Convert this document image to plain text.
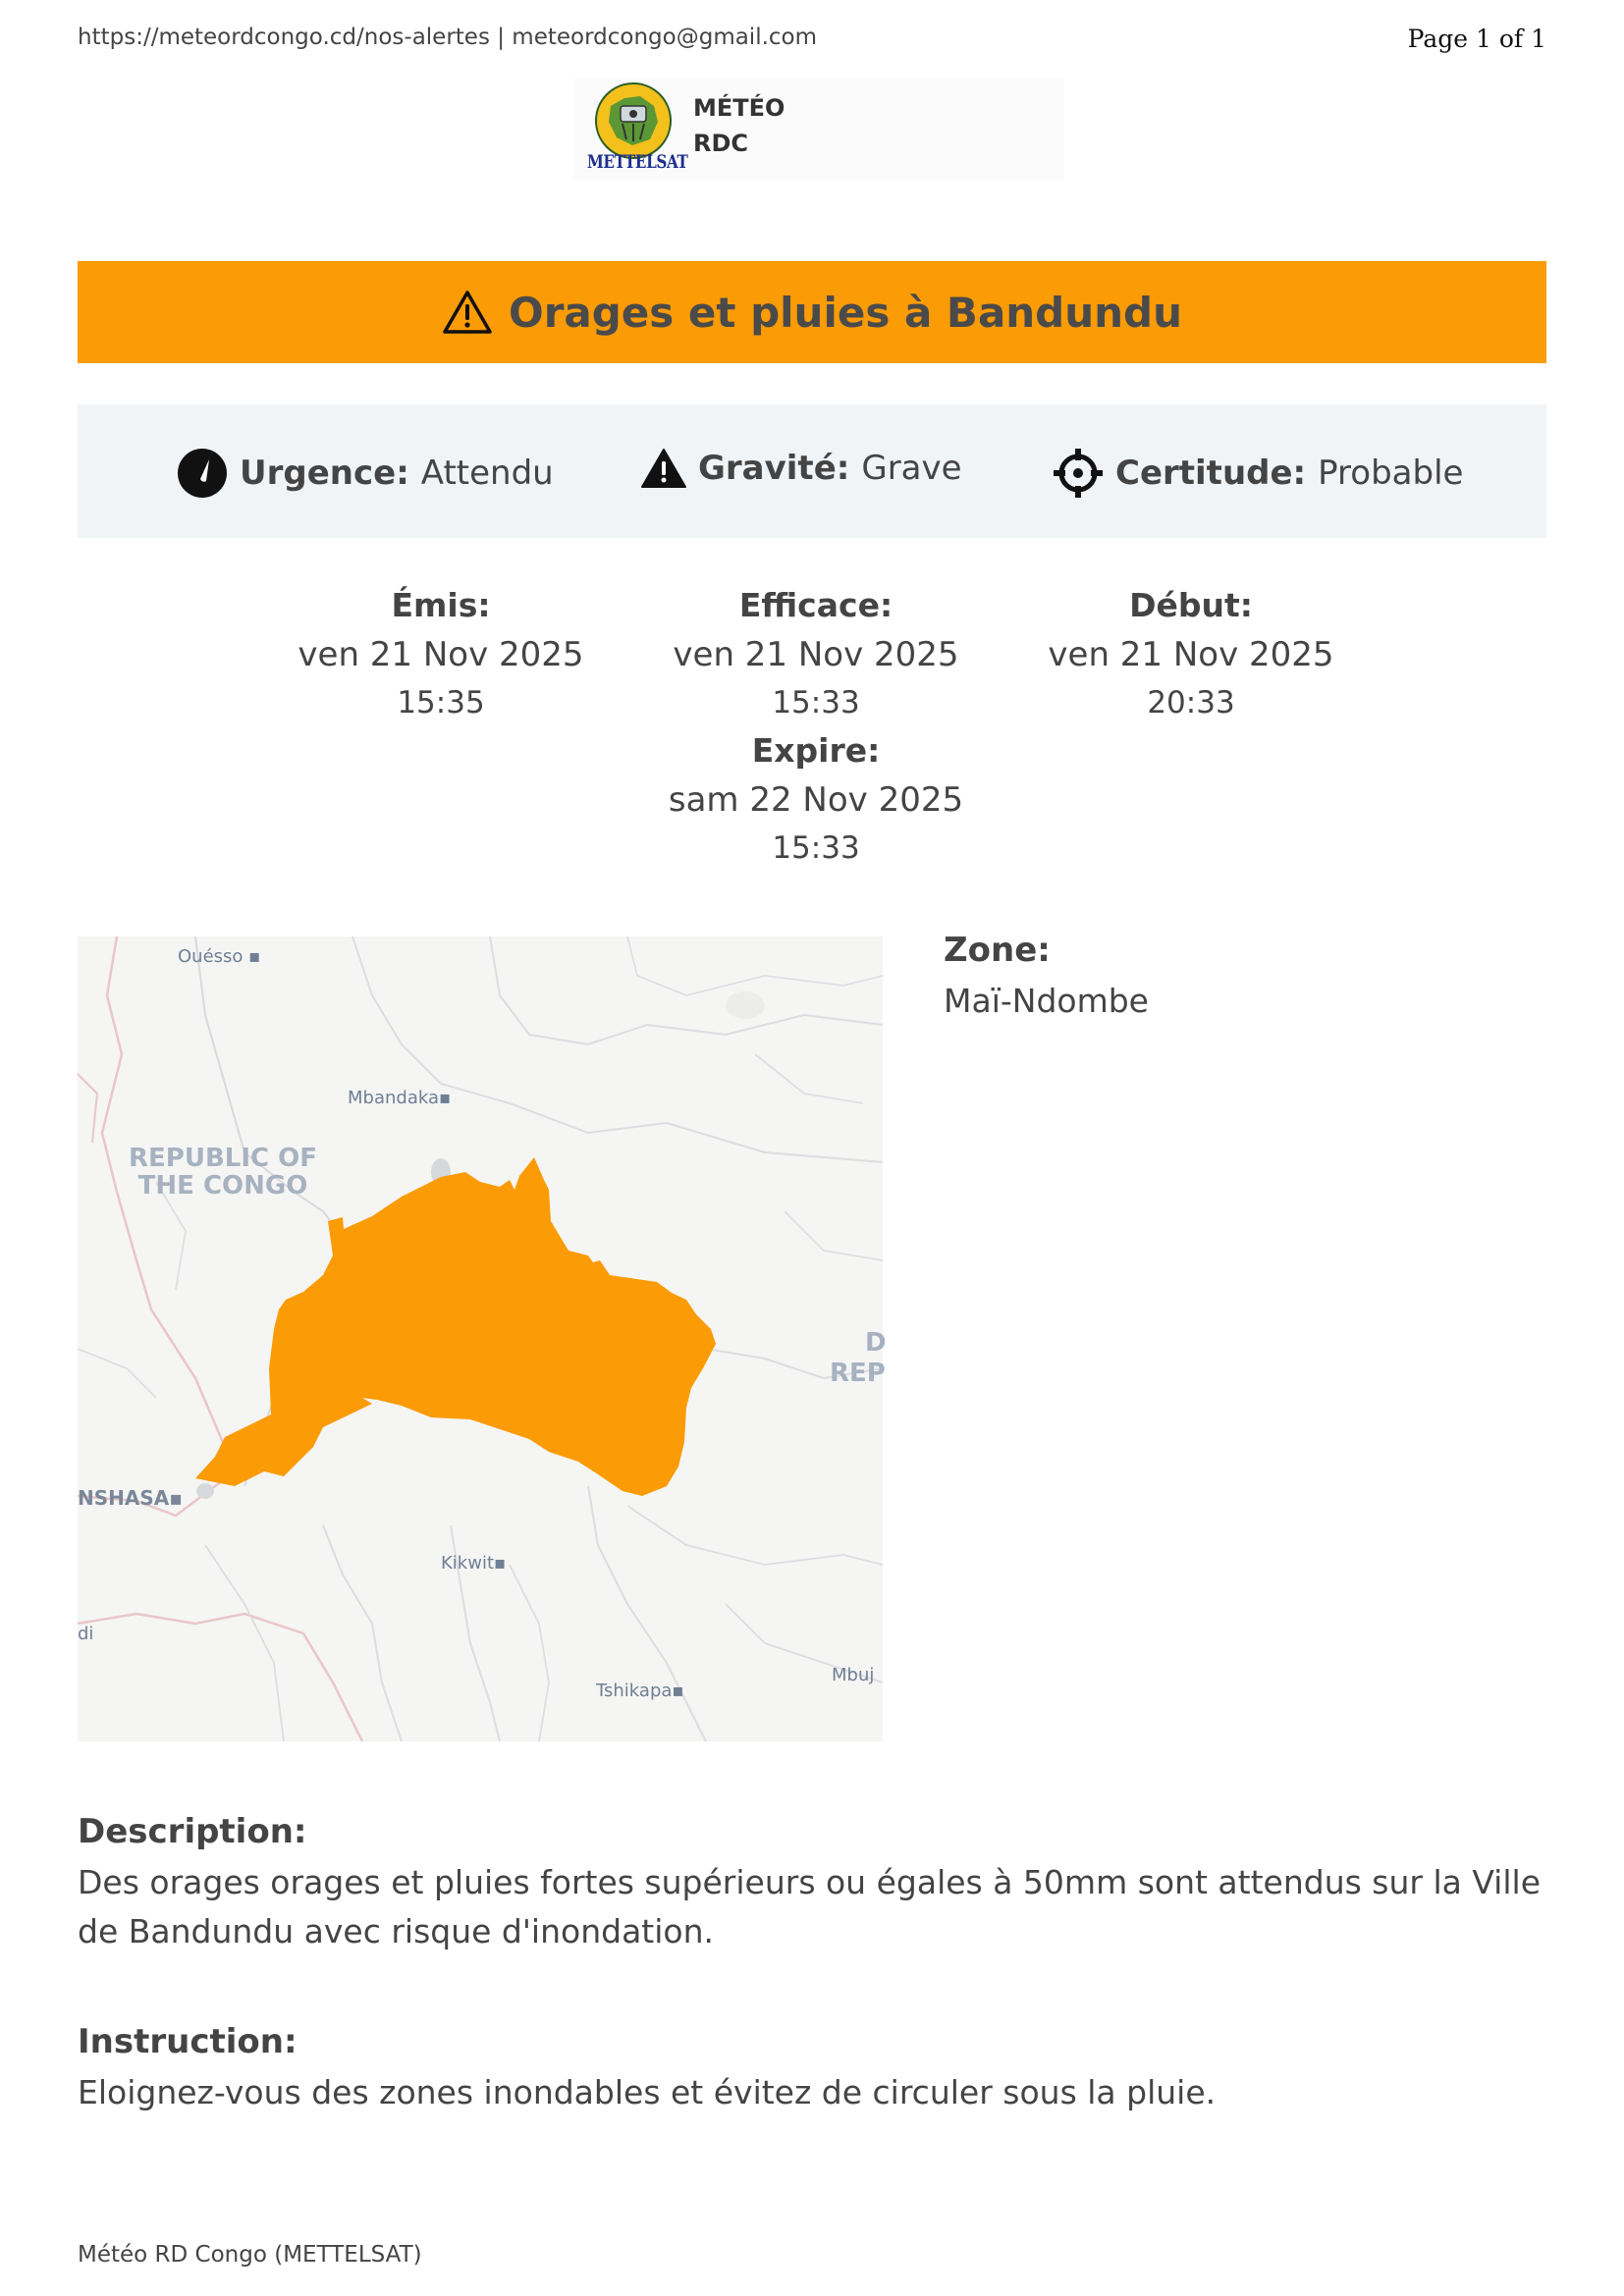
https://meteordcongo.cd/nos-alertes | meteordcongo@gmail.com	Page 1 of 1
METTELSAT
MÉTÉO
RDC
Orages et pluies à Bandundu
Urgence: Attendu	Gravité: Grave	Certitude: Probable
Émis:
ven 21 Nov 2025
15:35
Efficace:
ven 21 Nov 2025
15:33
Début:
ven 21 Nov 2025
20:33
Expire:
sam 22 Nov 2025
15:33
Ouésso ▪
Mbandaka▪
REPUBLIC OF
THE CONGO
D
REP
NSHASA▪
Kikwit▪
di
Mbuj
Tshikapa▪
Zone:
Maï-Ndombe
Description:
Des orages orages et pluies fortes supérieurs ou égales à 50mm sont attendus sur la Ville de Bandundu avec risque d'inondation.
Instruction:
Eloignez-vous des zones inondables et évitez de circuler sous la pluie.
Météo RD Congo (METTELSAT)
